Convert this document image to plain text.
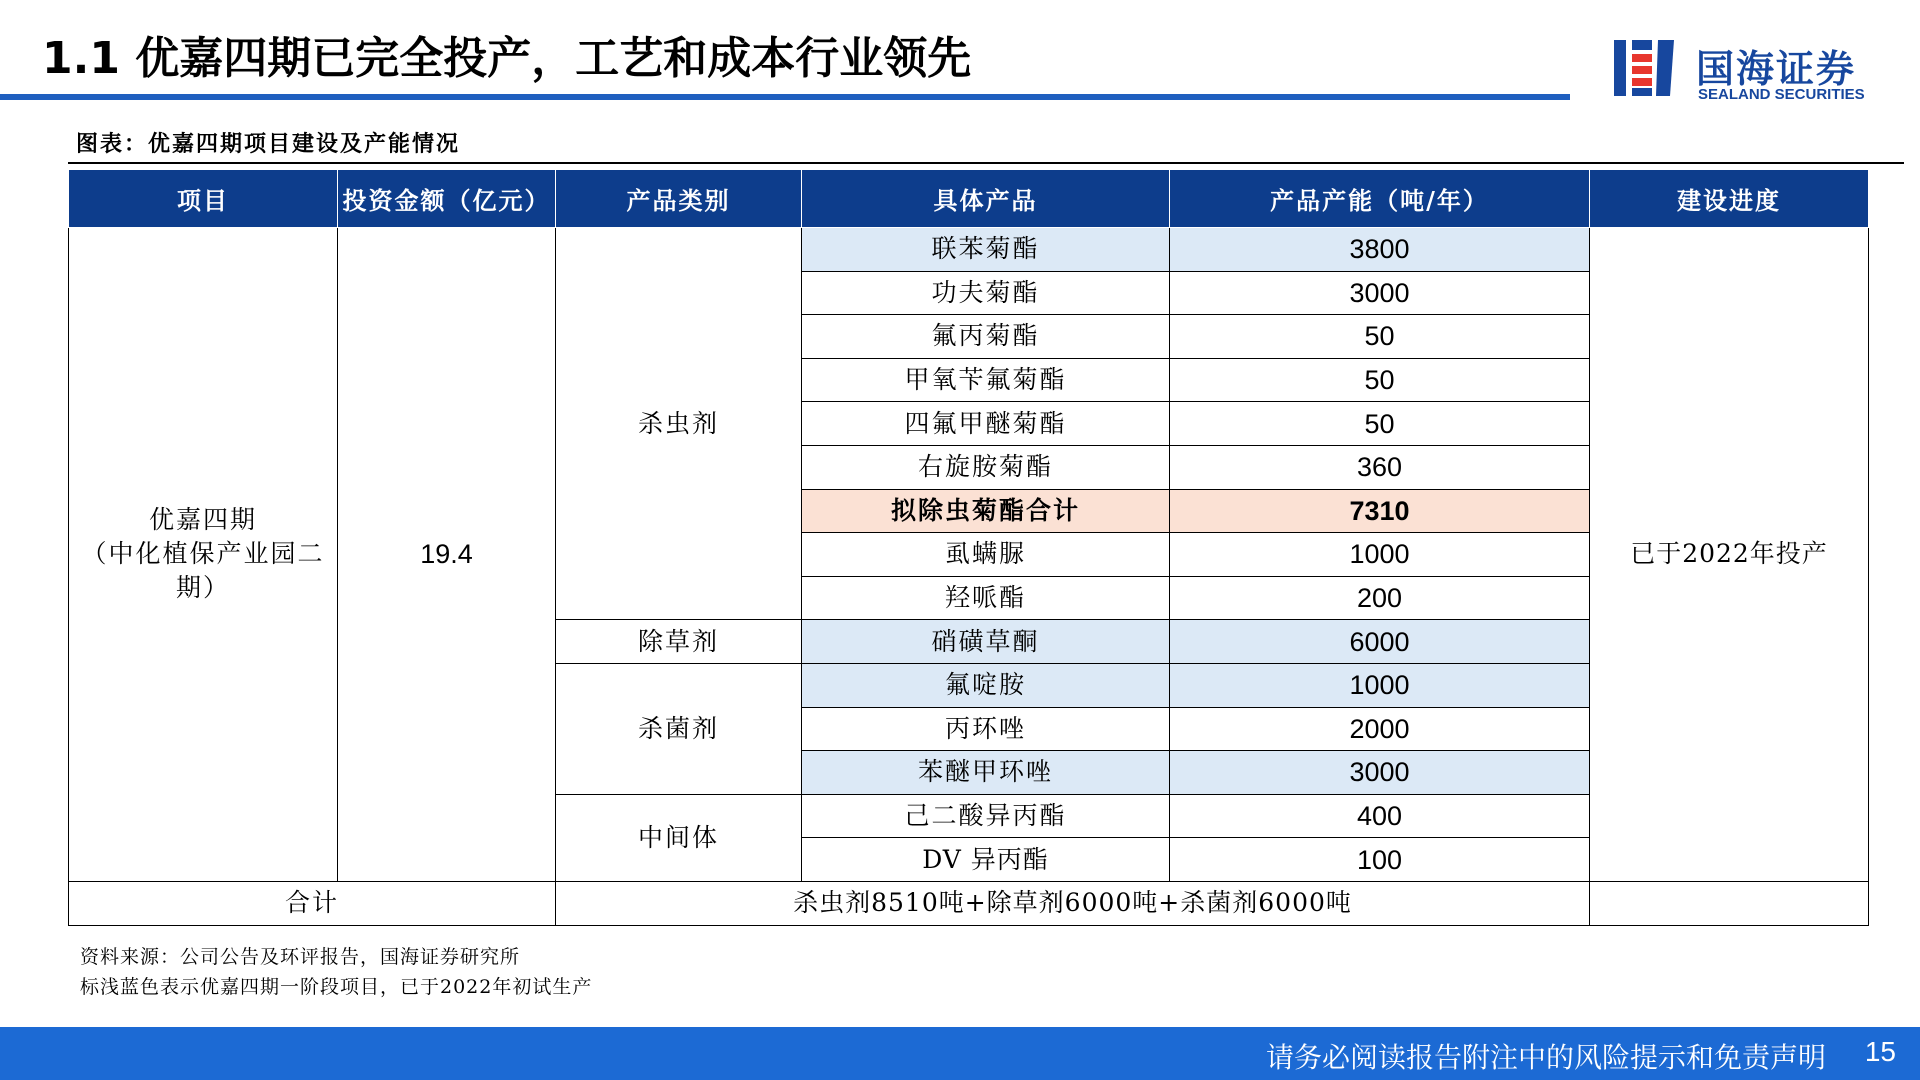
1.1 优嘉四期已完全投产，工艺和成本行业领先	国海证券
SEALAND SECURITIES
图表：优嘉四期项目建设及产能情况
项目	投资金额（亿元）	产品类别	具体产品	产品产能（吨/年）	建设进度

优嘉四期
（中化植保产业园二
期）	19.4	杀虫剂	联苯菊酯	3800	已于2022年投产
			功夫菊酯	3000	
			氟丙菊酯	50	
			甲氧苄氟菊酯	50	
			四氟甲醚菊酯	50	
			右旋胺菊酯	360	
			拟除虫菊酯合计	7310	
			虱螨脲	1000	
			羟哌酯	200	
		除草剂	硝磺草酮	6000	
		杀菌剂	氟啶胺	1000	
			丙环唑	2000	
			苯醚甲环唑	3000	
		中间体	己二酸异丙酯	400	
			DV 异丙酯	100	
合计		杀虫剂8510吨+除草剂6000吨+杀菌剂6000吨			
资料来源：公司公告及环评报告，国海证券研究所
标浅蓝色表示优嘉四期一阶段项目，已于2022年初试生产
请务必阅读报告附注中的风险提示和免责声明 15
